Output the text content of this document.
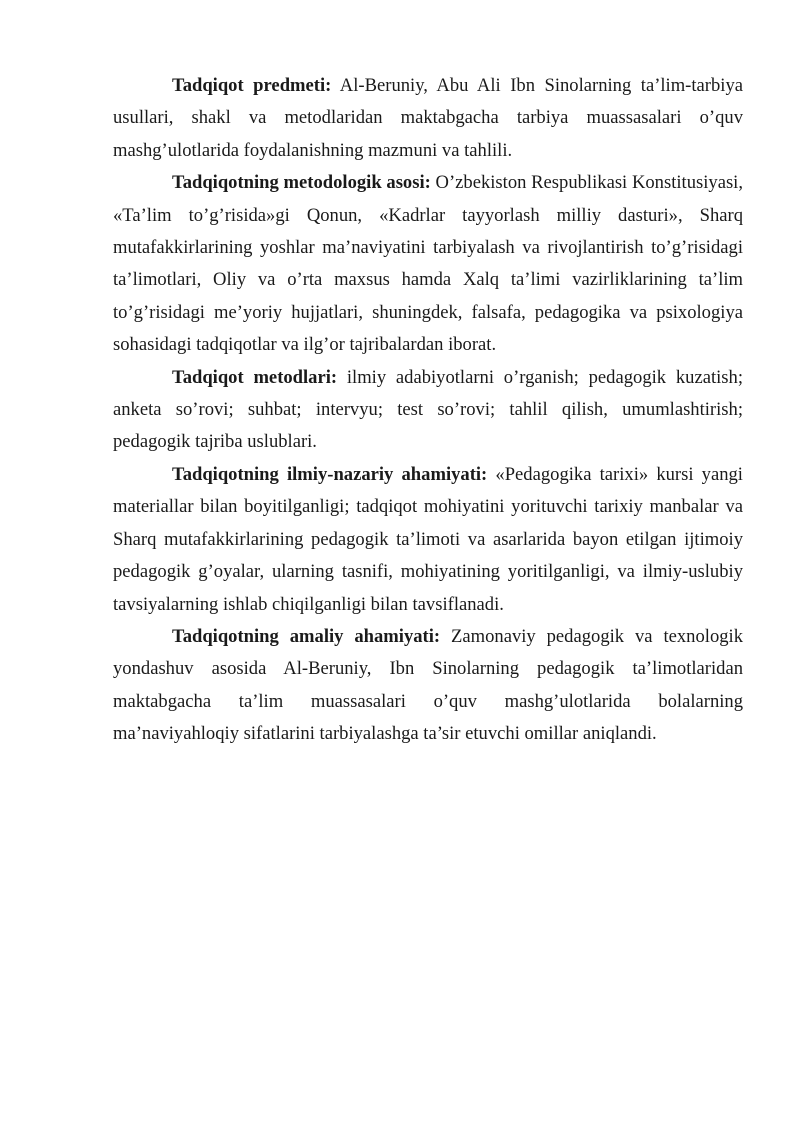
Tadqiqot predmeti: Al-Beruniy, Abu Ali Ibn Sinolarning ta’lim-tarbiya usullari, shakl va metodlaridan maktabgacha tarbiya muassasalari o’quv mashg’ulotlarida foydalanishning mazmuni va tahlili.

Tadqiqotning metodologik asosi: O’zbekiston Respublikasi Konstitusiyasi, «Ta’lim to’g’risida»gi Qonun, «Kadrlar tayyorlash milliy dasturi», Sharq mutafakkirlarining yoshlar ma’naviyatini tarbiyalash va rivojlantirish to’g’risidagi ta’limotlari, Oliy va o’rta maxsus hamda Xalq ta’limi vazirliklarining ta’lim to’g’risidagi me’yoriy hujjatlari, shuningdek, falsafa, pedagogika va psixologiya sohasidagi tadqiqotlar va ilg’or tajribalardan iborat.

Tadqiqot metodlari: ilmiy adabiyotlarni o’rganish; pedagogik kuzatish; anketa so’rovi; suhbat; intervyu; test so’rovi; tahlil qilish, umumlashtirish; pedagogik tajriba uslublari.

Tadqiqotning ilmiy-nazariy ahamiyati: «Pedagogika tarixi» kursi yangi materiallar bilan boyitilganligi; tadqiqot mohiyatini yorituvchi tarixiy manbalar va Sharq mutafakkirlarining pedagogik ta’limoti va asarlarida bayon etilgan ijtimoiy pedagogik g’oyalar, ularning tasnifi, mohiyatining yoritilganligi, va ilmiy-uslubiy tavsiyalarning ishlab chiqilganligi bilan tavsiflanadi.

Tadqiqotning amaliy ahamiyati: Zamonaviy pedagogik va texnologik yondashuv asosida Al-Beruniy, Ibn Sinolarning pedagogik ta’limotlaridan maktabgacha ta’lim muassasalari o’quv mashg’ulotlarida bolalarning ma’naviyahloqiy sifatlarini tarbiyalashga ta’sir etuvchi omillar aniqlandi.
